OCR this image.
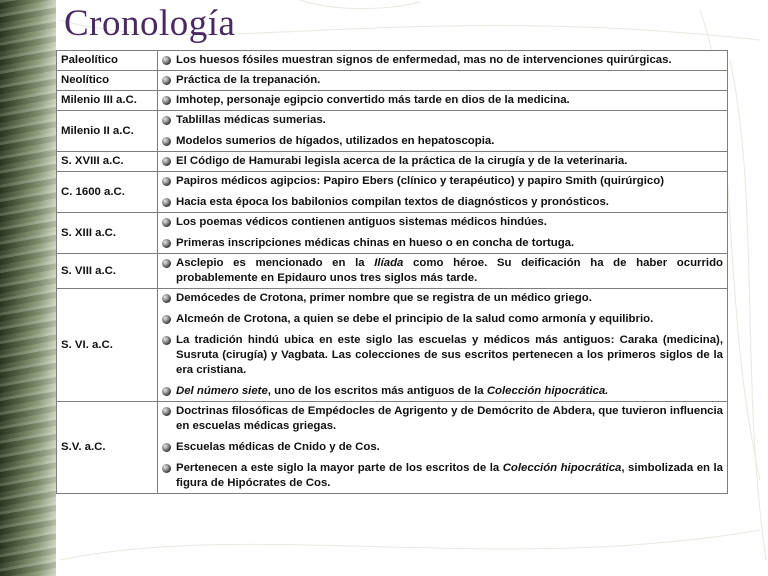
Cronología
Paleolítico	Los huesos fósiles muestran signos de enfermedad, mas no de intervenciones quirúrgicas.

Neolítico	Práctica de la trepanación.

Milenio III a.C.	Imhotep, personaje egipcio convertido más tarde en dios de la medicina.

Milenio II a.C.	Tablillas médicas sumerias.
Modelos sumerios de hígados, utilizados en hepatoscopia.

S. XVIII a.C.	El Código de Hamurabi legisla acerca de la práctica de la cirugía y de la veterinaria.

C. 1600 a.C.	Papiros médicos agipcios: Papiro Ebers (clínico y terapéutico) y papiro Smith (quirúrgico)
Hacia esta época los babilonios compilan textos de diagnósticos y pronósticos.

S. XIII a.C.	Los poemas védicos contienen antiguos sistemas médicos hindúes.
Primeras inscripciones médicas chinas en hueso o en concha de tortuga.

S. VIII a.C.	Asclepio es mencionado en la Ilíada como héroe. Su deificación ha de haber ocurrido probablemente en Epidauro unos tres siglos más tarde.

S. VI. a.C.	Demócedes de Crotona, primer nombre que se registra de un médico griego.
Alcmeón de Crotona, a quien se debe el principio de la salud como armonía y equilibrio.
La tradición hindú ubica en este siglo las escuelas y médicos más antiguos: Caraka (medicina), Susruta (cirugía) y Vagbata. Las colecciones de sus escritos pertenecen a los primeros siglos de la era cristiana.
Del número siete, uno de los escritos más antiguos de la Colección hipocrática.

S.V. a.C.	Doctrinas filosóficas de Empédocles de Agrigento y de Demócrito de Abdera, que tuvieron influencia en escuelas médicas griegas.
Escuelas médicas de Cnido y de Cos.
Pertenecen a este siglo la mayor parte de los escritos de la Colección hipocrática, simbolizada en la figura de Hipócrates de Cos.
